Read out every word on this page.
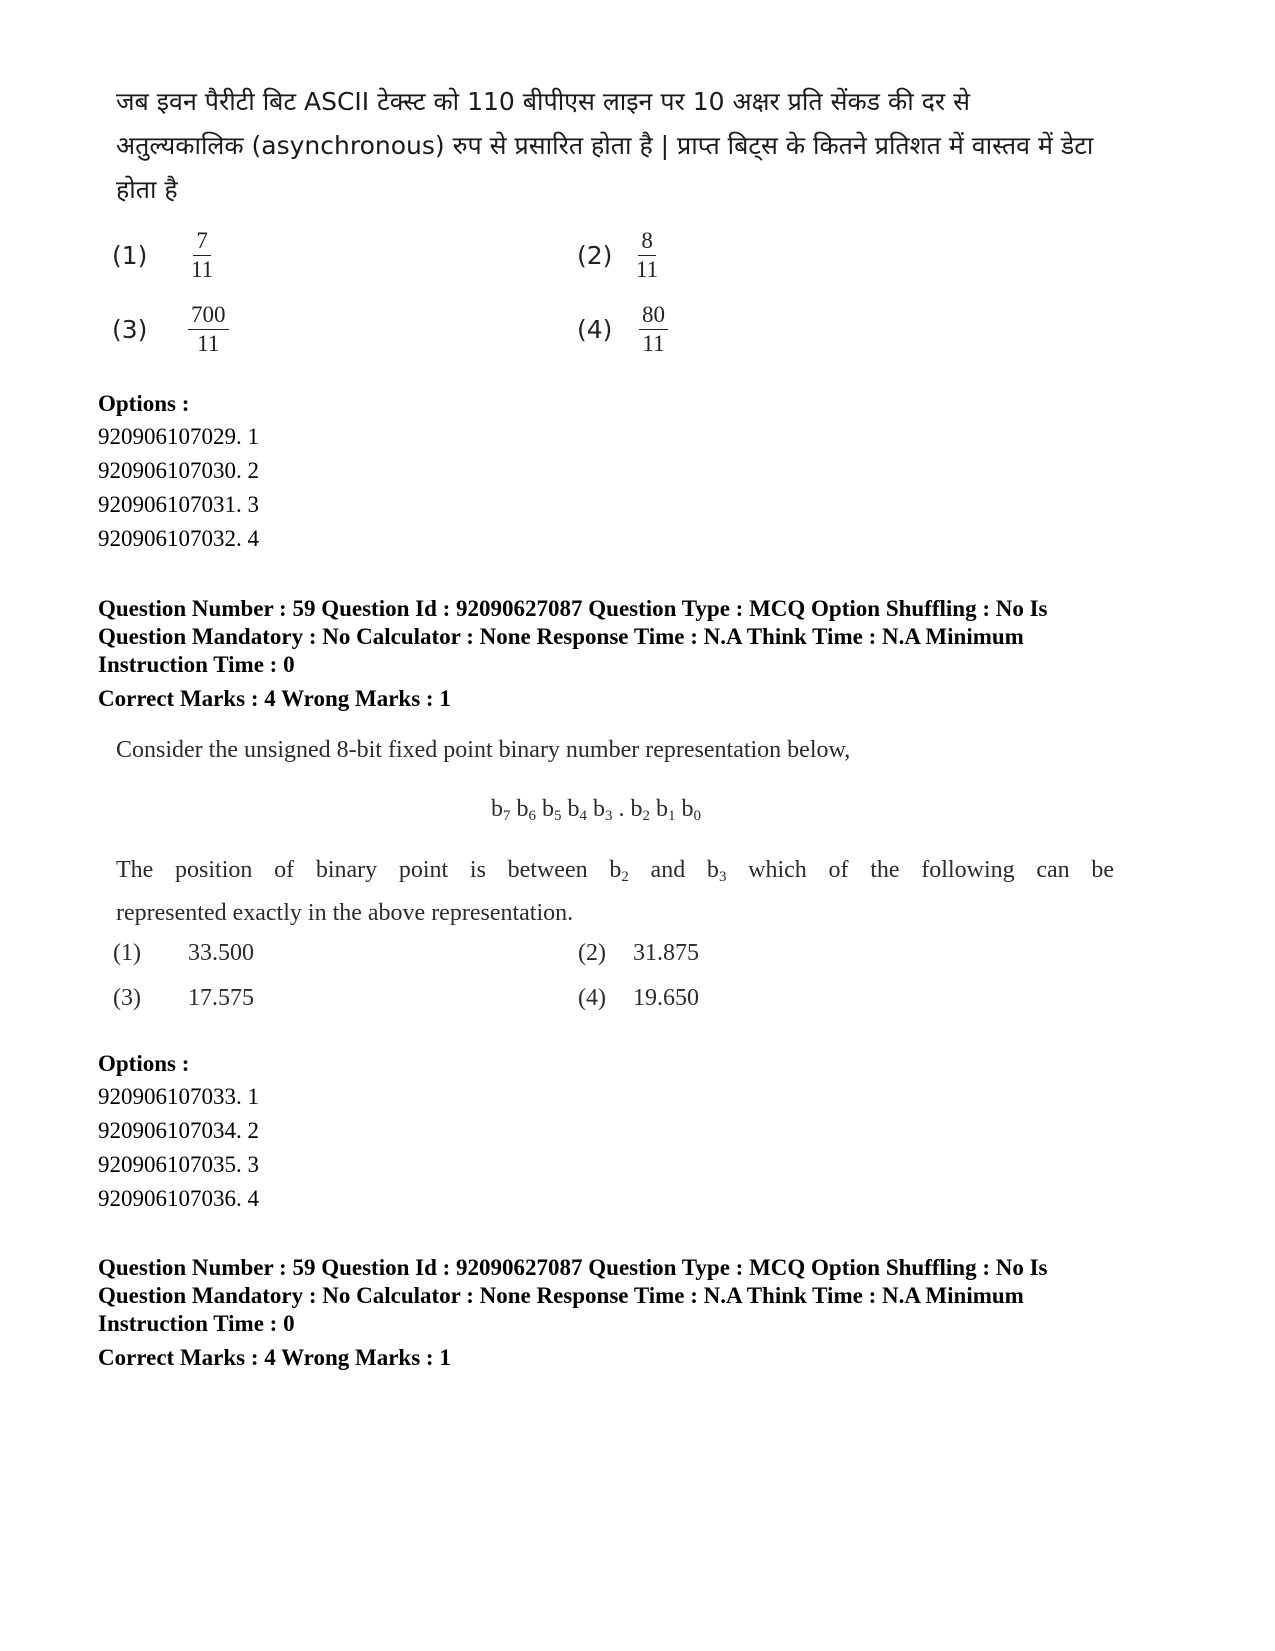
जब इवन पैरीटी बिट ASCII टेक्स्ट को 110 बीपीएस लाइन पर 10 अक्षर प्रति सेंकड की दर से

अतुल्यकालिक (asynchronous) रुप से प्रसारित होता है | प्राप्त बिट्स के कितने प्रतिशत में वास्तव में डेटा

होता है

(1)	$\frac{7}{11}$	$(2) \frac{8}{11}$
(3)	$\frac{700}{11}$	(4)	$\frac{80}{11}$
Options :
920906107029. 1
920906107030. 2
920906107031. 3
920906107032. 4
Question Number : 59 Question Id : 92090627087 Question Type : MCQ Option Shuffling : No Is
Question Mandatory : No Calculator : None Response Time : N.A Think Time : N.A Minimum
Instruction Time : 0
Correct Marks : 4 Wrong Marks : 1
Consider the unsigned 8-bit fixed point binary number representation below,
$b_7$ $b_6$ $b_5$ $b_4$ $b_3$ . $b_2$ $b_1$ $b_0$

The position of binary point is between $b_2$ and $b_3$ which of the following can be

represented exactly in the above representation.

(1) 33.500	(2) 31.875
(3) 17.575	(4) 19.650
Options :
920906107033. 1
920906107034. 2
920906107035. 3
920906107036. 4
Question Number : 59 Question Id : 92090627087 Question Type : MCQ Option Shuffling : No Is
Question Mandatory : No Calculator : None Response Time : N.A Think Time : N.A Minimum
Instruction Time : 0
Correct Marks : 4 Wrong Marks : 1
